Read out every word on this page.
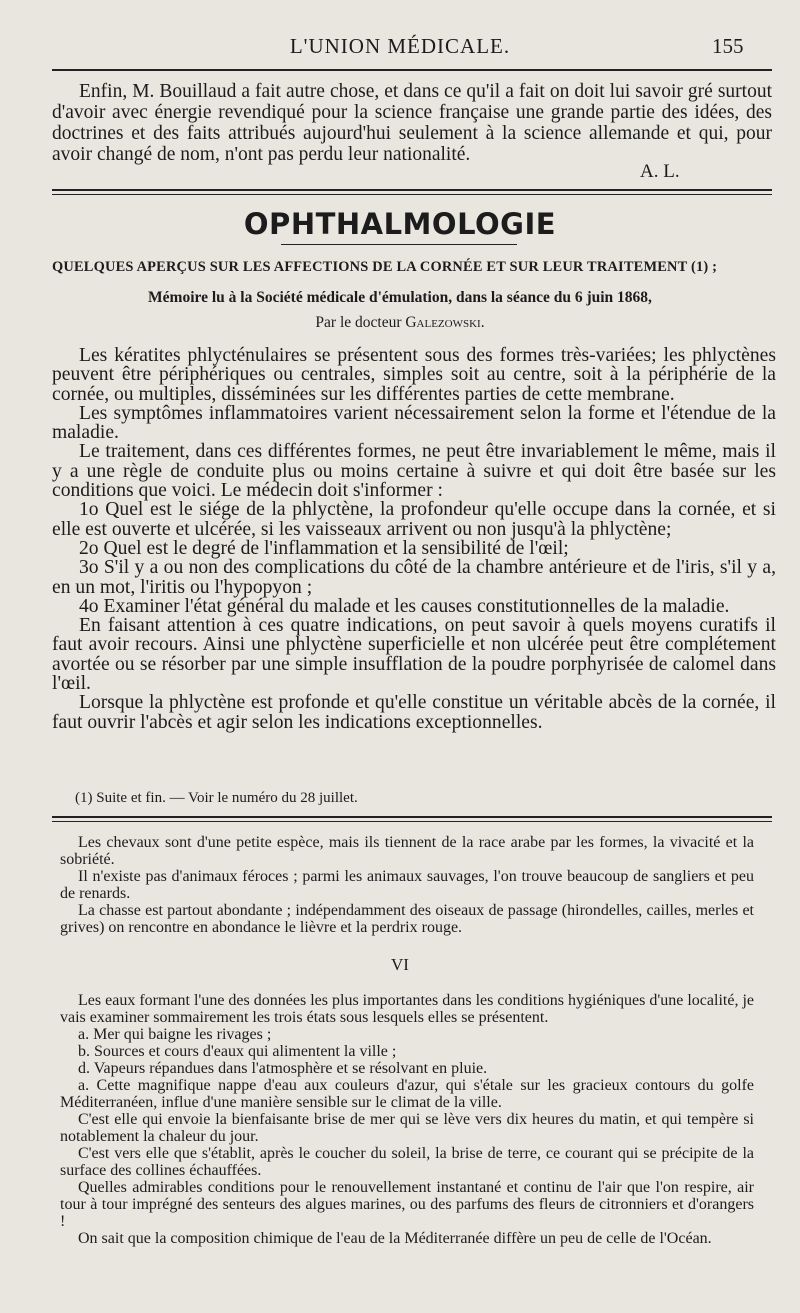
L'UNION MÉDICALE.	155
Enfin, M. Bouillaud a fait autre chose, et dans ce qu'il a fait on doit lui savoir gré surtout d'avoir avec énergie revendiqué pour la science française une grande partie des idées, des doctrines et des faits attribués aujourd'hui seulement à la science allemande et qui, pour avoir changé de nom, n'ont pas perdu leur nationalité.
A. L.
OPHTHALMOLOGIE
QUELQUES APERÇUS SUR LES AFFECTIONS DE LA CORNÉE ET SUR LEUR TRAITEMENT (1) ;
Mémoire lu à la Société médicale d'émulation, dans la séance du 6 juin 1868,
Par le docteur Galezowski.

Les kératites phlycténulaires se présentent sous des formes très-variées; les phlyctènes peuvent être périphériques ou centrales, simples soit au centre, soit à la périphérie de la cornée, ou multiples, disséminées sur les différentes parties de cette membrane.

Les symptômes inflammatoires varient nécessairement selon la forme et l'étendue de la maladie.

Le traitement, dans ces différentes formes, ne peut être invariablement le même, mais il y a une règle de conduite plus ou moins certaine à suivre et qui doit être basée sur les conditions que voici. Le médecin doit s'informer :

1o Quel est le siége de la phlyctène, la profondeur qu'elle occupe dans la cornée, et si elle est ouverte et ulcérée, si les vaisseaux arrivent ou non jusqu'à la phlyctène;

2o Quel est le degré de l'inflammation et la sensibilité de l'œil;

3o S'il y a ou non des complications du côté de la chambre antérieure et de l'iris, s'il y a, en un mot, l'iritis ou l'hypopyon ;

4o Examiner l'état général du malade et les causes constitutionnelles de la maladie.

En faisant attention à ces quatre indications, on peut savoir à quels moyens curatifs il faut avoir recours. Ainsi une phlyctène superficielle et non ulcérée peut être complétement avortée ou se résorber par une simple insufflation de la poudre porphyrisée de calomel dans l'œil.

Lorsque la phlyctène est profonde et qu'elle constitue un véritable abcès de la cornée, il faut ouvrir l'abcès et agir selon les indications exceptionnelles.

(1) Suite et fin. — Voir le numéro du 28 juillet.

Les chevaux sont d'une petite espèce, mais ils tiennent de la race arabe par les formes, la vivacité et la sobriété.

Il n'existe pas d'animaux féroces ; parmi les animaux sauvages, l'on trouve beaucoup de sangliers et peu de renards.

La chasse est partout abondante ; indépendamment des oiseaux de passage (hirondelles, cailles, merles et grives) on rencontre en abondance le lièvre et la perdrix rouge.

VI

Les eaux formant l'une des données les plus importantes dans les conditions hygiéniques d'une localité, je vais examiner sommairement les trois états sous lesquels elles se présentent.

a. Mer qui baigne les rivages ;

b. Sources et cours d'eaux qui alimentent la ville ;

d. Vapeurs répandues dans l'atmosphère et se résolvant en pluie.

a. Cette magnifique nappe d'eau aux couleurs d'azur, qui s'étale sur les gracieux contours du golfe Méditerranéen, influe d'une manière sensible sur le climat de la ville.

C'est elle qui envoie la bienfaisante brise de mer qui se lève vers dix heures du matin, et qui tempère si notablement la chaleur du jour.

C'est vers elle que s'établit, après le coucher du soleil, la brise de terre, ce courant qui se précipite de la surface des collines échauffées.

Quelles admirables conditions pour le renouvellement instantané et continu de l'air que l'on respire, air tour à tour imprégné des senteurs des algues marines, ou des parfums des fleurs de citronniers et d'orangers !

On sait que la composition chimique de l'eau de la Méditerranée diffère un peu de celle de l'Océan.
